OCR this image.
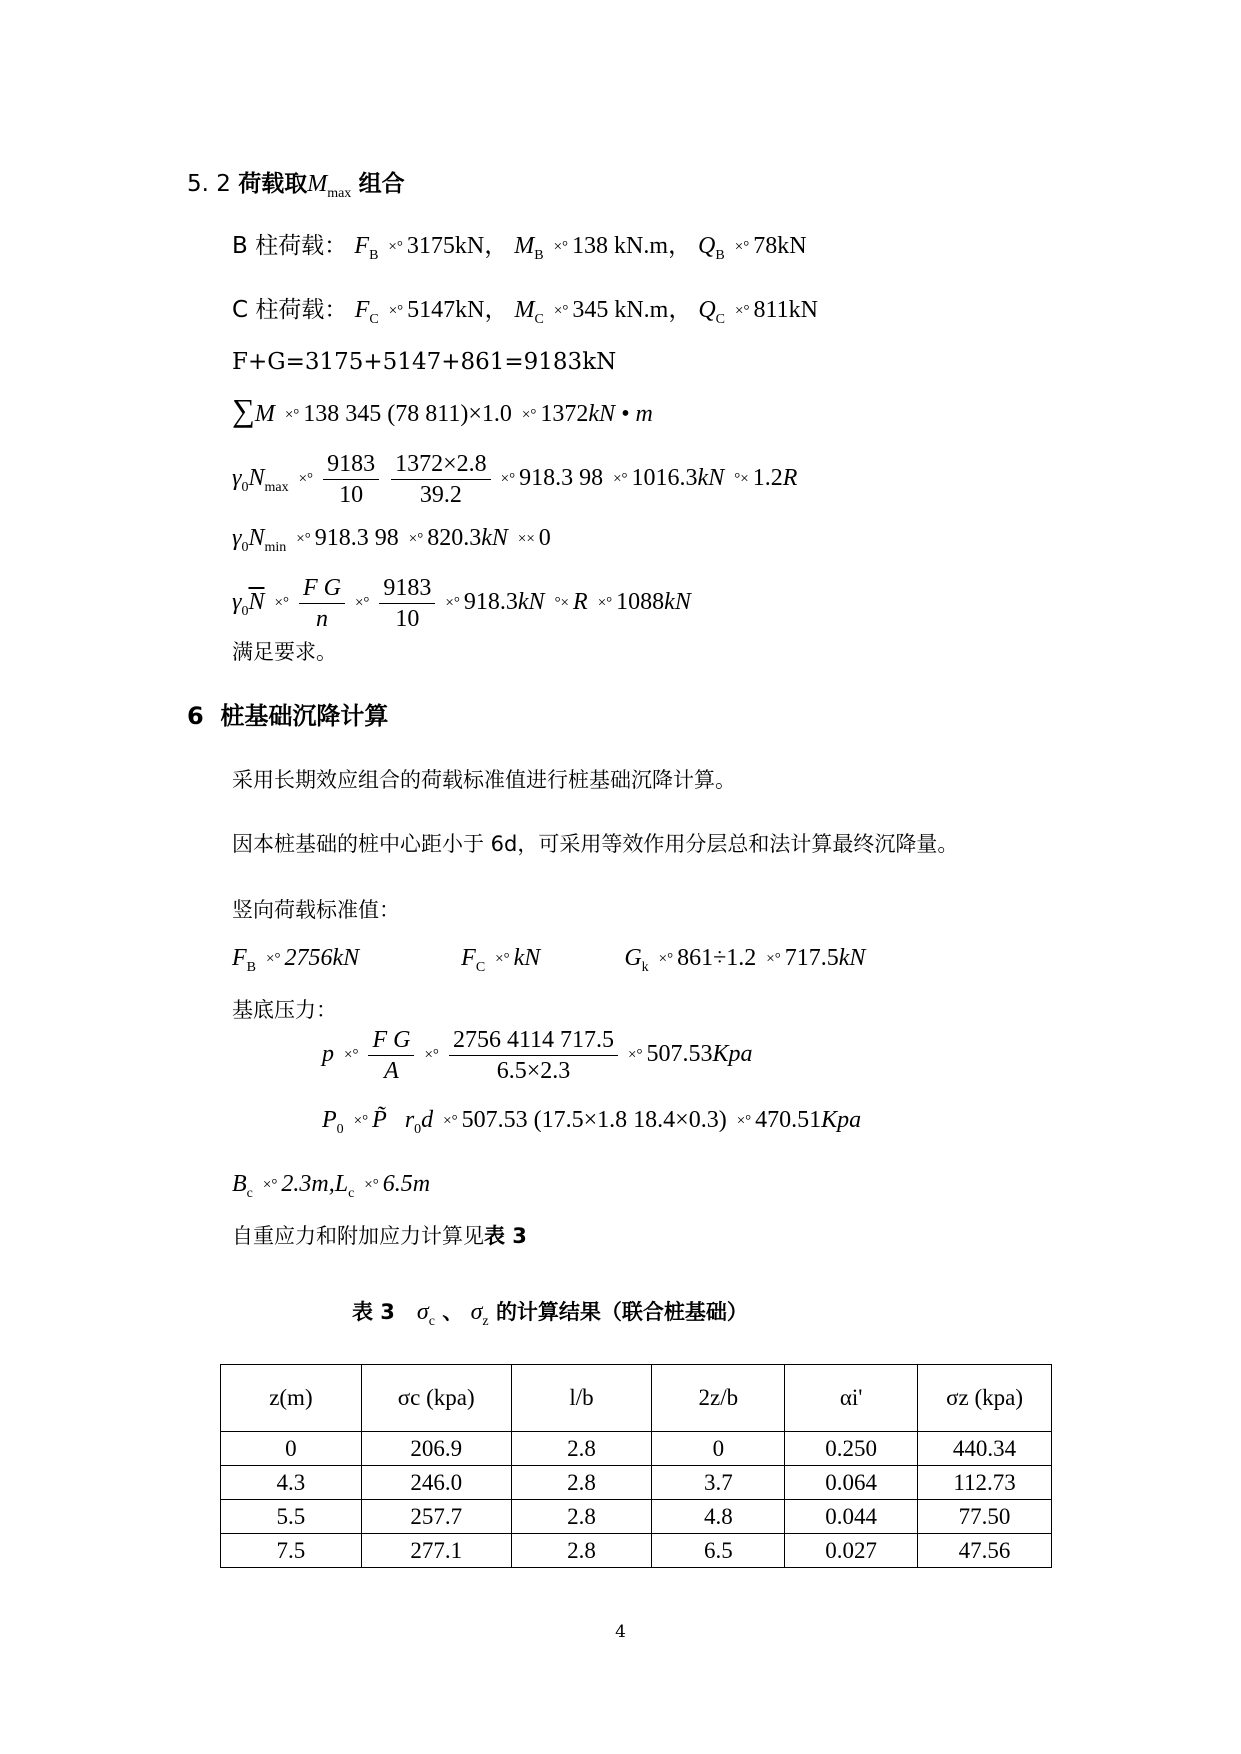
5. 2 荷载取$M_{max}$ 组合
B 柱荷载： $F_B$ ×° 3175kN， $M_B$ ×° 138 kN.m， $Q_B$ ×° 78kN
C 柱荷载： $F_C$ ×° 5147kN， $M_C$ ×° 345 kN.m， $Q_C$ ×° 811kN
F+G=3175+5147+861=9183kN
∑M ×° 138 345 (78 811)×1.0 ×° 1372kN • m
$\gamma_0N_{max}$ ×° $\frac{9183}{10} \frac{1372\times 2.8}{39.2}$ ×° 918.3 98 ×° 1016.3kN °× 1.2R
$\gamma_0N_{min}$ ×° 918.3 98 ×° 820.3kN ×× 0
$\gamma_0\overline{N}$ ×° $\frac{\text{F G}}{n}$ ×° $\frac{9183}{10}$ ×° 918.3kN °× R ×° 1088kN
满足要求。
6 桩基础沉降计算
采用长期效应组合的荷载标准值进行桩基础沉降计算。
因本桩基础的桩中心距小于 6d，可采用等效作用分层总和法计算最终沉降量。
竖向荷载标准值：
$F_B$ ×° 2756kN	$F_C$ ×° kN	$G_k$ ×° 861÷1.2 ×° 717.5kN
基底压力：
p ×° $\frac{\text{F G}}{A}$ ×° $\frac{2756 4114 717.5}{6.5\times 2.3}$ ×° 507.53Kpa
$P_0$ ×° P̃ $r_0d$ ×° 507.53 (17.5×1.8 18.4×0.3) ×° 470.51Kpa
$B_c$ ×° $2.3m,L_c$ ×° 6.5m
自重应力和附加应力计算见表 3
表 3 $\sigma_c$ 、 $\sigma_z$ 的计算结果（联合桩基础）
z(m)	σc (kpa)	l/b	2z/b	αi'	σz (kpa)
0	206.9	2.8	0	0.250	440.34
4.3	246.0	2.8	3.7	0.064	112.73
5.5	257.7	2.8	4.8	0.044	77.50
7.5	277.1	2.8	6.5	0.027	47.56
4
